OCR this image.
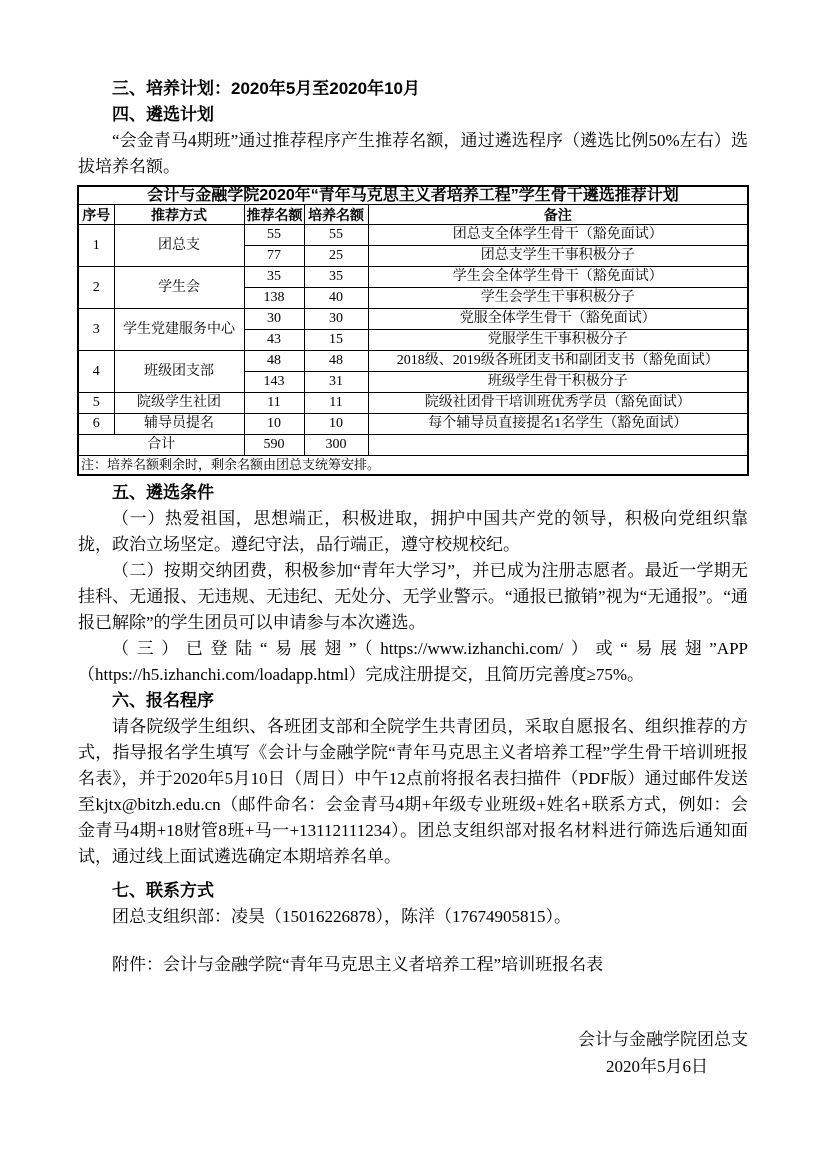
三、培养计划：2020年5月至2020年10月

四、遴选计划

“会金青马4期班”通过推荐程序产生推荐名额，通过遴选程序（遴选比例50%左右）选拔培养名额。

会计与金融学院2020年“青年马克思主义者培养工程”学生骨干遴选推荐计划				
序号	推荐方式	推荐名额	培养名额	备注
1	团总支	55	55	团总支全体学生骨干（豁免面试）
		77	25	团总支学生干事积极分子
2	学生会	35	35	学生会全体学生骨干（豁免面试）
		138	40	学生会学生干事积极分子
3	学生党建服务中心	30	30	党服全体学生骨干（豁免面试）
		43	15	党服学生干事积极分子
4	班级团支部	48	48	2018级、2019级各班团支书和副团支书（豁免面试）
		143	31	班级学生骨干积极分子
5	院级学生社团	11	11	院级社团骨干培训班优秀学员（豁免面试）
6	辅导员提名	10	10	每个辅导员直接提名1名学生（豁免面试）
合计		590	300	
注：培养名额剩余时，剩余名额由团总支统筹安排。				

五、遴选条件

（一）热爱祖国，思想端正，积极进取，拥护中国共产党的领导，积极向党组织靠拢，政治立场坚定。遵纪守法，品行端正，遵守校规校纪。

（二）按期交纳团费，积极参加“青年大学习”，并已成为注册志愿者。最近一学期无挂科、无通报、无违规、无违纪、无处分、无学业警示。“通报已撤销”视为“无通报”。“通报已解除”的学生团员可以申请参与本次遴选。

（三）已登陆“易展翅”（https://www.izhanchi.com/）或“易展翅”APP（https://h5.izhanchi.com/loadapp.html）完成注册提交，且简历完善度≥75%。

六、报名程序

请各院级学生组织、各班团支部和全院学生共青团员，采取自愿报名、组织推荐的方式，指导报名学生填写《会计与金融学院“青年马克思主义者培养工程”学生骨干培训班报名表》，并于2020年5月10日（周日）中午12点前将报名表扫描件（PDF版）通过邮件发送至kjtx@bitzh.edu.cn（邮件命名：会金青马4期+年级专业班级+姓名+联系方式，例如：会金青马4期+18财管8班+马一+13112111234）。团总支组织部对报名材料进行筛选后通知面试，通过线上面试遴选确定本期培养名单。

七、联系方式

团总支组织部：凌昊（15016226878），陈洋（17674905815）。

附件：会计与金融学院“青年马克思主义者培养工程”培训班报名表

会计与金融学院团总支
2020年5月6日
